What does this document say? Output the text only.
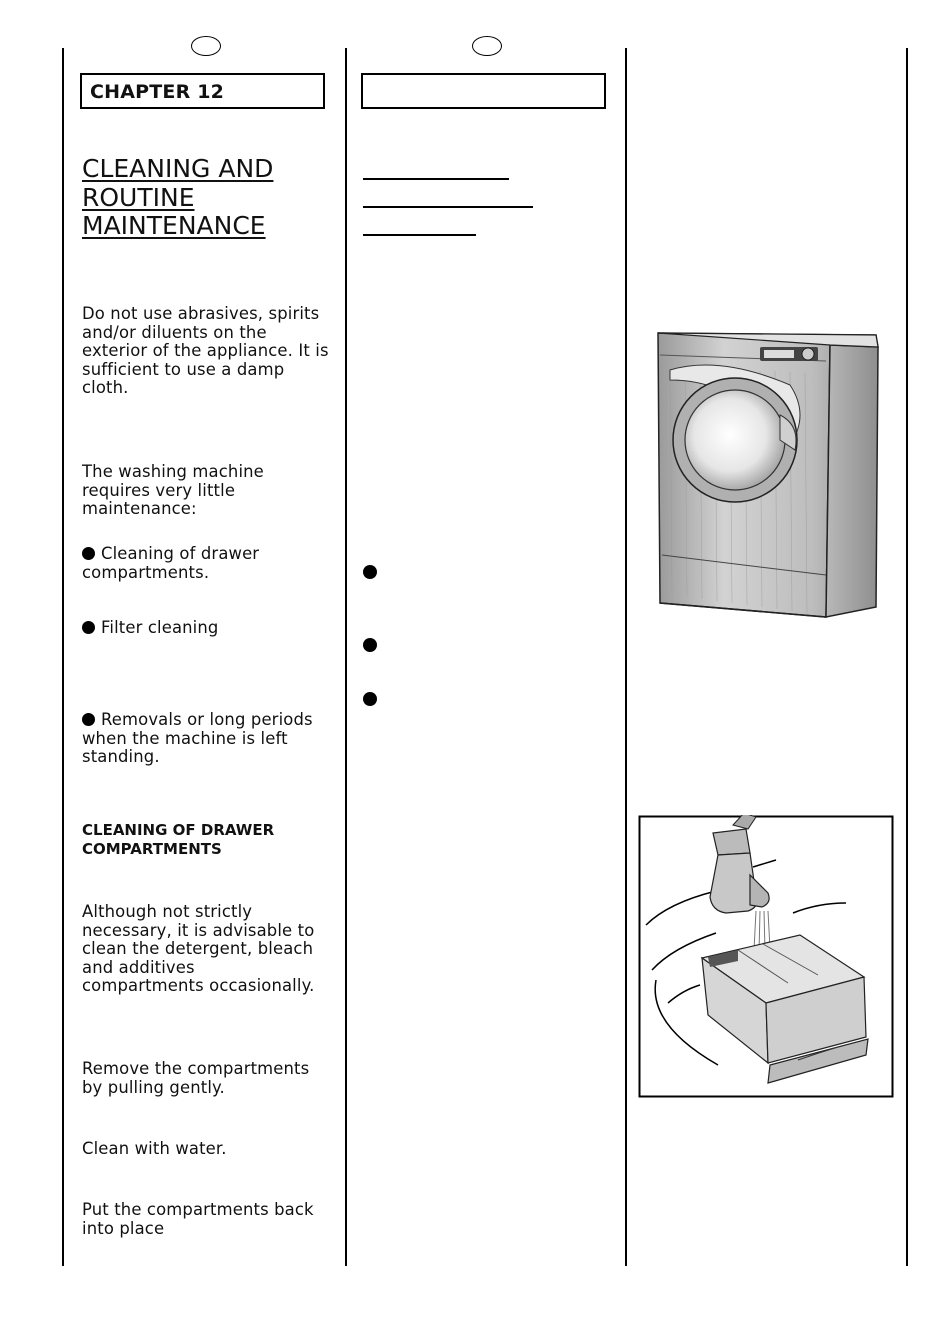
CHAPTER 12
CLEANING AND
ROUTINE
MAINTENANCE
Do not use abrasives, spirits
and/or diluents on the
exterior of the appliance. It is
sufficient to use a damp
cloth.
The washing machine
requires very little
maintenance:
Cleaning of drawer
compartments.
Filter cleaning
Removals or long periods
when the machine is left
standing.
CLEANING OF DRAWER
COMPARTMENTS
Although not strictly
necessary, it is advisable to
clean the detergent, bleach
and additives
compartments occasionally.
Remove the compartments
by pulling gently.
Clean with water.
Put the compartments back
into place
